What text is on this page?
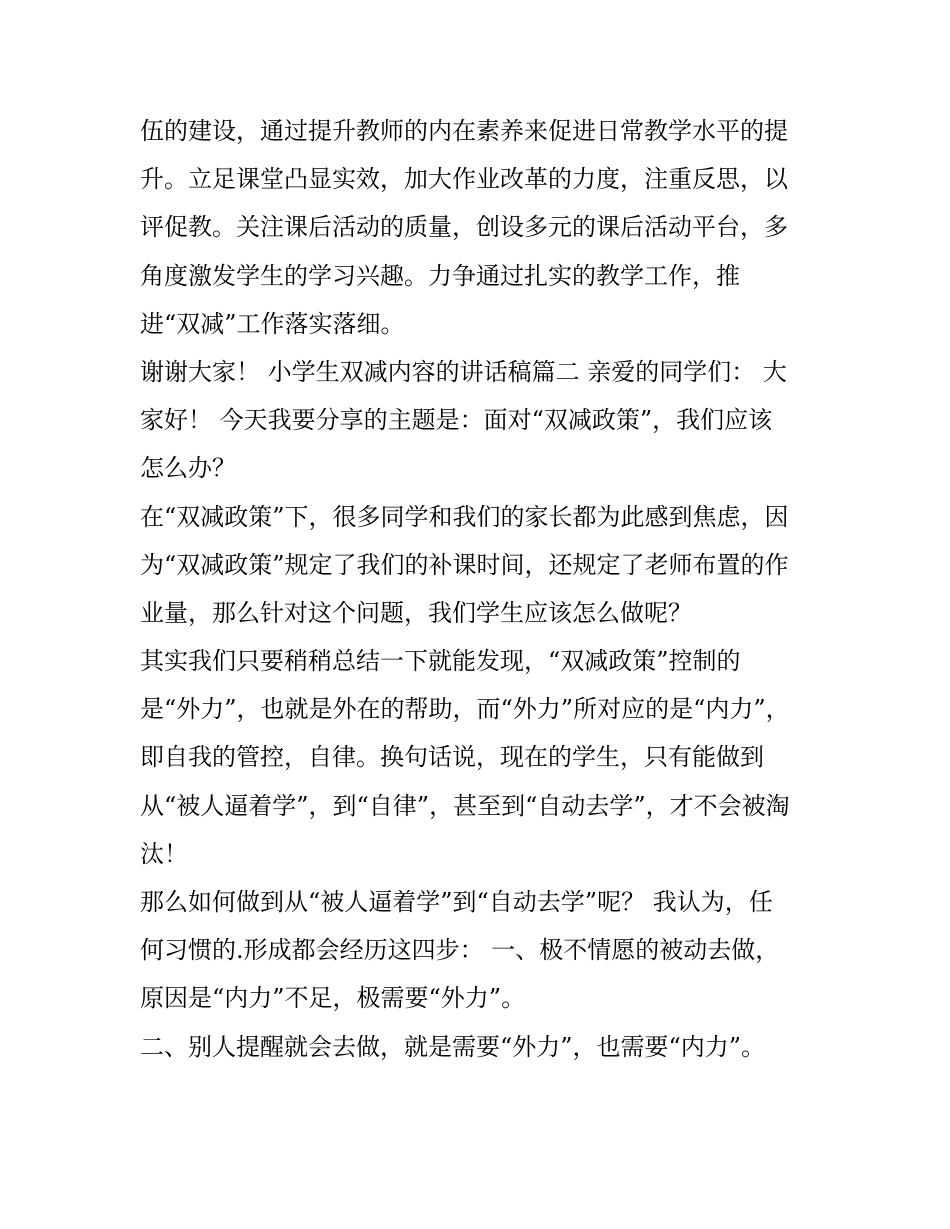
伍的建设，通过提升教师的内在素养来促进日常教学水平的提
升。立足课堂凸显实效，加大作业改革的力度，注重反思，以
评促教。关注课后活动的质量，创设多元的课后活动平台，多
角度激发学生的学习兴趣。力争通过扎实的教学工作，推
进“双减”工作落实落细。
谢谢大家！ 小学生双减内容的讲话稿篇二 亲爱的同学们： 大
家好！ 今天我要分享的主题是：面对“双减政策”，我们应该
怎么办？
在“双减政策”下，很多同学和我们的家长都为此感到焦虑，因
为“双减政策”规定了我们的补课时间，还规定了老师布置的作
业量，那么针对这个问题，我们学生应该怎么做呢？
其实我们只要稍稍总结一下就能发现，“双减政策”控制的
是“外力”，也就是外在的帮助，而“外力”所对应的是“内力”，
即自我的管控，自律。换句话说，现在的学生，只有能做到
从“被人逼着学”，到“自律”，甚至到“自动去学”，才不会被淘
汰！
那么如何做到从“被人逼着学”到“自动去学”呢？ 我认为，任
何习惯的.形成都会经历这四步： 一、极不情愿的被动去做，
原因是“内力”不足，极需要“外力”。
二、别人提醒就会去做，就是需要“外力”，也需要“内力”。
